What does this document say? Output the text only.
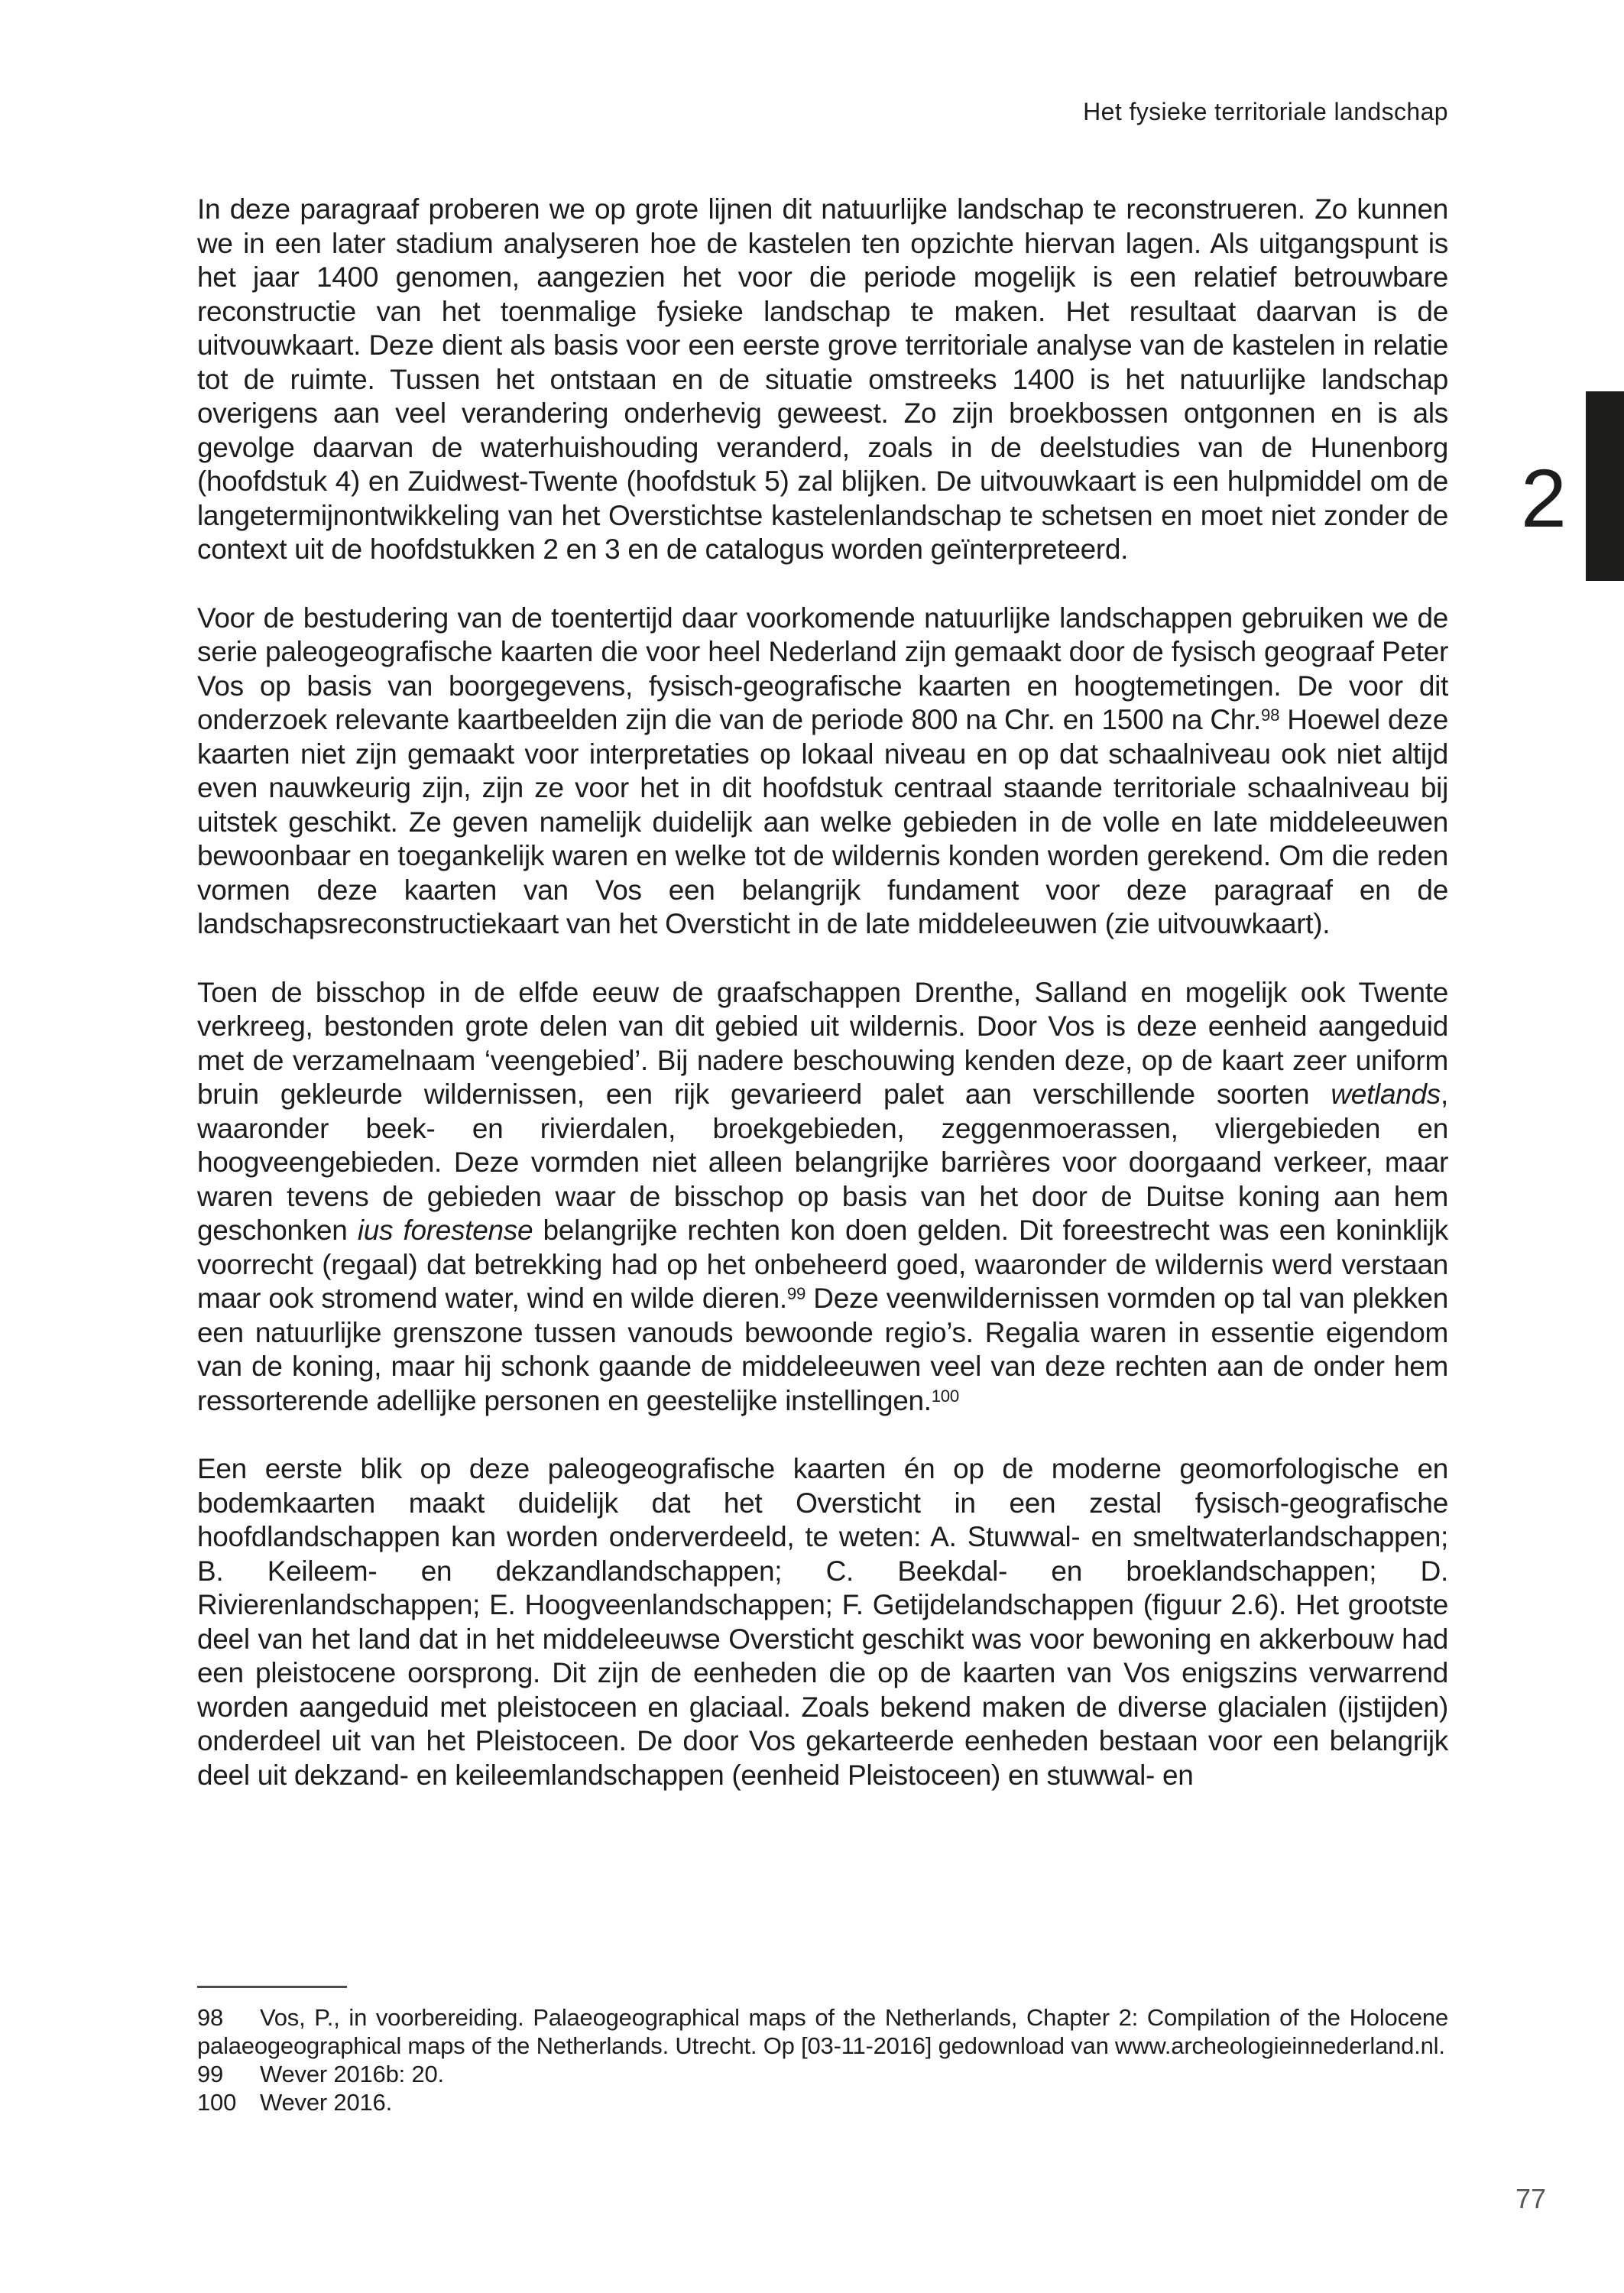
Het fysieke territoriale landschap
2

In deze paragraaf proberen we op grote lijnen dit natuurlijke landschap te reconstrueren. Zo kunnen we in een later stadium analyseren hoe de kastelen ten opzichte hiervan lagen. Als uitgangspunt is het jaar 1400 genomen, aangezien het voor die periode mogelijk is een relatief betrouwbare reconstructie van het toenmalige fysieke landschap te maken. Het resultaat daarvan is de uitvouwkaart. Deze dient als basis voor een eerste grove territoriale analyse van de kastelen in relatie tot de ruimte. Tussen het ontstaan en de situatie omstreeks 1400 is het natuurlijke landschap overigens aan veel verandering onderhevig geweest. Zo zijn broekbossen ontgonnen en is als gevolge daarvan de waterhuishouding veranderd, zoals in de deelstudies van de Hunenborg (hoofdstuk 4) en Zuidwest-Twente (hoofdstuk 5) zal blijken. De uitvouwkaart is een hulpmiddel om de langetermijnontwikkeling van het Overstichtse kastelenlandschap te schetsen en moet niet zonder de context uit de hoofdstukken 2 en 3 en de catalogus worden geïnterpreteerd.

Voor de bestudering van de toentertijd daar voorkomende natuurlijke landschappen gebruiken we de serie paleogeografische kaarten die voor heel Nederland zijn gemaakt door de fysisch geograaf Peter Vos op basis van boorgegevens, fysisch-geografische kaarten en hoogtemetingen. De voor dit onderzoek relevante kaartbeelden zijn die van de periode 800 na Chr. en 1500 na Chr.$^{98}$ Hoewel deze kaarten niet zijn gemaakt voor interpretaties op lokaal niveau en op dat schaalniveau ook niet altijd even nauwkeurig zijn, zijn ze voor het in dit hoofdstuk centraal staande territoriale schaalniveau bij uitstek geschikt. Ze geven namelijk duidelijk aan welke gebieden in de volle en late middeleeuwen bewoonbaar en toegankelijk waren en welke tot de wildernis konden worden gerekend. Om die reden vormen deze kaarten van Vos een belangrijk fundament voor deze paragraaf en de landschapsreconstructiekaart van het Oversticht in de late middeleeuwen (zie uitvouwkaart).

Toen de bisschop in de elfde eeuw de graafschappen Drenthe, Salland en mogelijk ook Twente verkreeg, bestonden grote delen van dit gebied uit wildernis. Door Vos is deze eenheid aangeduid met de verzamelnaam ‘veengebied’. Bij nadere beschouwing kenden deze, op de kaart zeer uniform bruin gekleurde wildernissen, een rijk gevarieerd palet aan verschillende soorten wetlands, waaronder beek- en rivierdalen, broekgebieden, zeggenmoerassen, vliergebieden en hoogveengebieden. Deze vormden niet alleen belangrijke barrières voor doorgaand verkeer, maar waren tevens de gebieden waar de bisschop op basis van het door de Duitse koning aan hem geschonken ius forestense belangrijke rechten kon doen gelden. Dit foreestrecht was een koninklijk voorrecht (regaal) dat betrekking had op het onbeheerd goed, waaronder de wildernis werd verstaan maar ook stromend water, wind en wilde dieren.$^{99}$ Deze veenwildernissen vormden op tal van plekken een natuurlijke grenszone tussen vanouds bewoonde regio’s. Regalia waren in essentie eigendom van de koning, maar hij schonk gaande de middeleeuwen veel van deze rechten aan de onder hem ressorterende adellijke personen en geestelijke instellingen.$^{100}$

Een eerste blik op deze paleogeografische kaarten én op de moderne geomorfologische en bodemkaarten maakt duidelijk dat het Oversticht in een zestal fysisch-geografische hoofdlandschappen kan worden onderverdeeld, te weten: A. Stuwwal- en smeltwaterlandschappen; B. Keileem- en dekzandlandschappen; C. Beekdal- en broeklandschappen; D. Rivierenlandschappen; E. Hoogveenlandschappen; F. Getijdelandschappen (figuur 2.6). Het grootste deel van het land dat in het middeleeuwse Oversticht geschikt was voor bewoning en akkerbouw had een pleistocene oorsprong. Dit zijn de eenheden die op de kaarten van Vos enigszins verwarrend worden aangeduid met pleistoceen en glaciaal. Zoals bekend maken de diverse glacialen (ijstijden) onderdeel uit van het Pleistoceen. De door Vos gekarteerde eenheden bestaan voor een belangrijk deel uit dekzand- en keileemlandschappen (eenheid Pleistoceen) en stuwwal- en

98 Vos, P., in voorbereiding. Palaeogeographical maps of the Netherlands, Chapter 2: Compilation of the Holocene palaeogeographical maps of the Netherlands. Utrecht. Op [03-11-2016] gedownload van www.archeologieinnederland.nl.

99 Wever 2016b: 20.

100 Wever 2016.

77
